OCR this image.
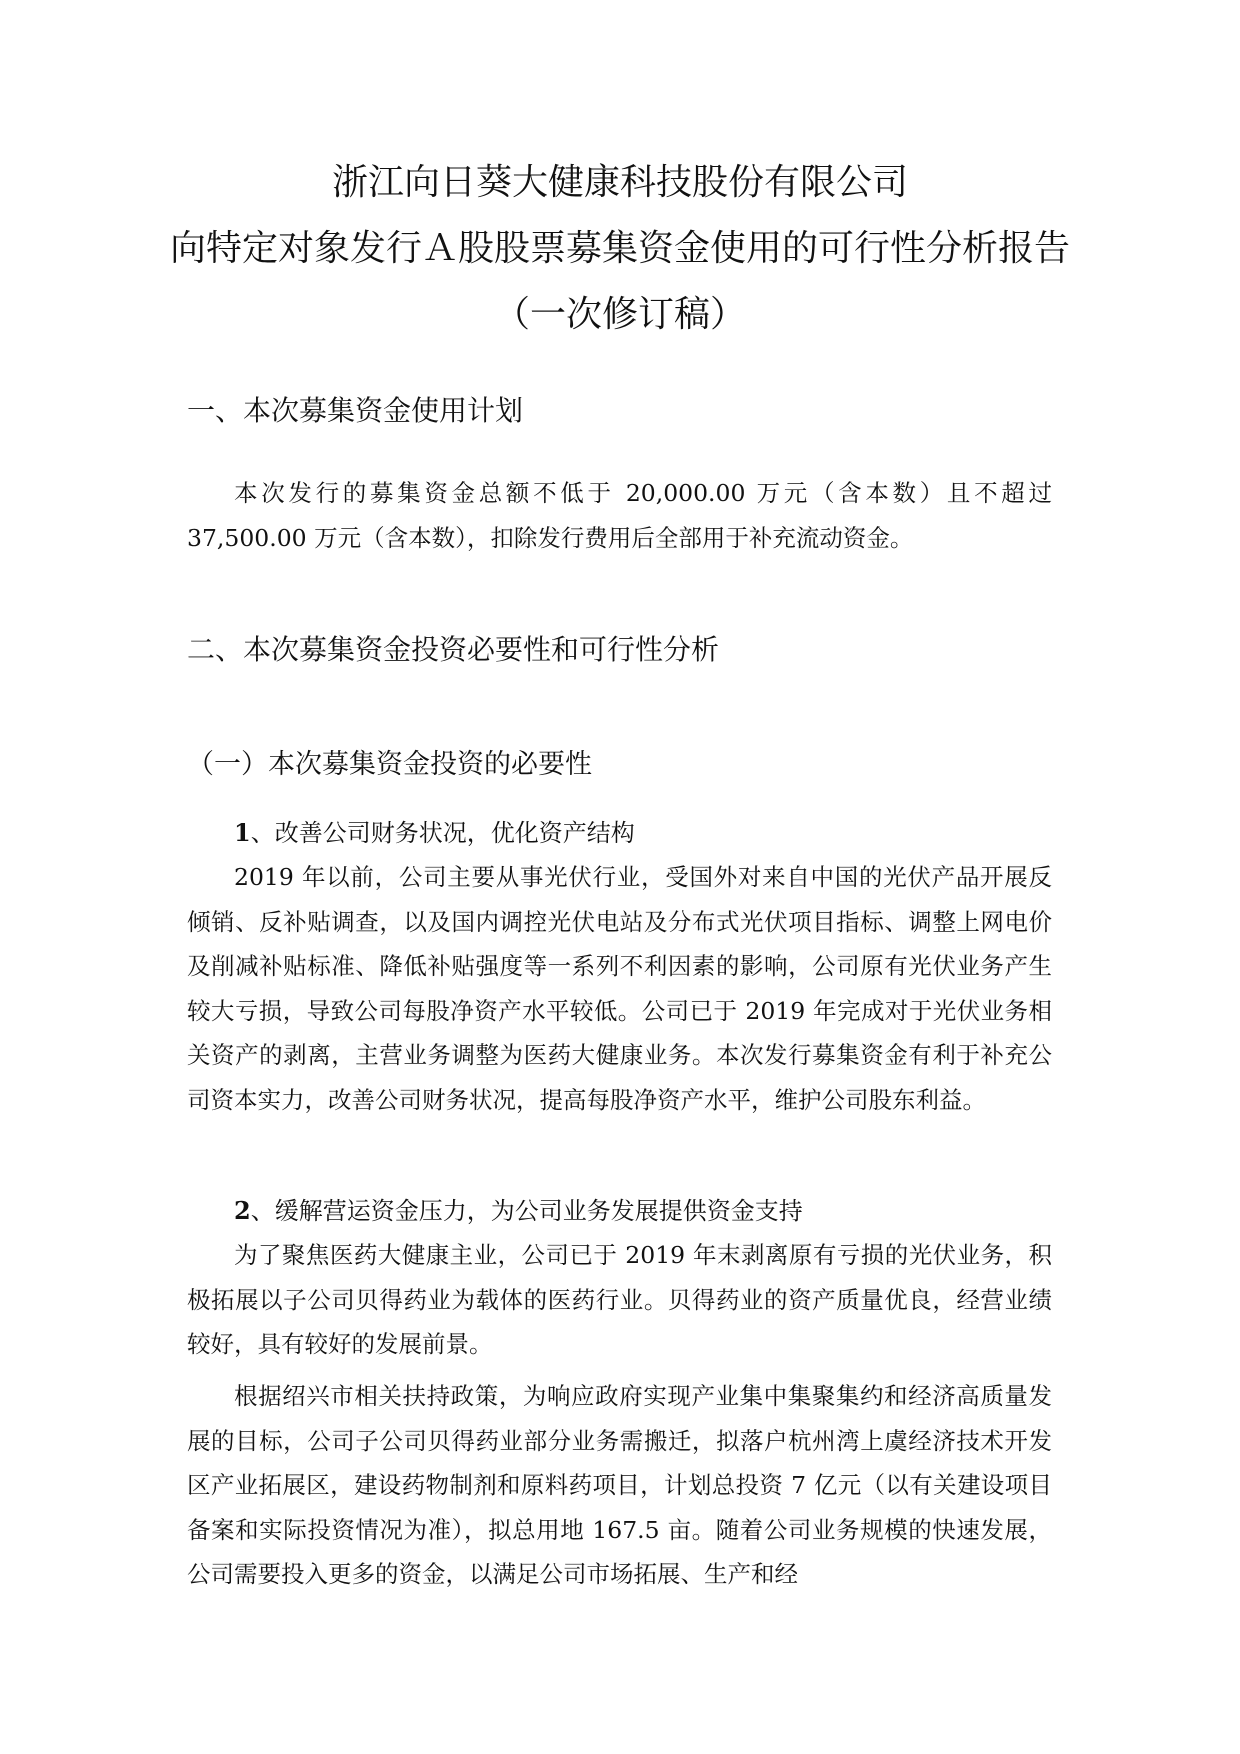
浙江向日葵大健康科技股份有限公司
向特定对象发行Ａ股股票募集资金使用的可行性分析报告
（一次修订稿）
一、本次募集资金使用计划

本次发行的募集资金总额不低于 20,000.00 万元（含本数）且不超过 37,500.00 万元（含本数），扣除发行费用后全部用于补充流动资金。

二、本次募集资金投资必要性和可行性分析
（一）本次募集资金投资的必要性
1、改善公司财务状况，优化资产结构

2019 年以前，公司主要从事光伏行业，受国外对来自中国的光伏产品开展反倾销、反补贴调查，以及国内调控光伏电站及分布式光伏项目指标、调整上网电价及削减补贴标准、降低补贴强度等一系列不利因素的影响，公司原有光伏业务产生较大亏损，导致公司每股净资产水平较低。公司已于 2019 年完成对于光伏业务相关资产的剥离，主营业务调整为医药大健康业务。本次发行募集资金有利于补充公司资本实力，改善公司财务状况，提高每股净资产水平，维护公司股东利益。

2、缓解营运资金压力，为公司业务发展提供资金支持

为了聚焦医药大健康主业，公司已于 2019 年末剥离原有亏损的光伏业务，积极拓展以子公司贝得药业为载体的医药行业。贝得药业的资产质量优良，经营业绩较好，具有较好的发展前景。

根据绍兴市相关扶持政策，为响应政府实现产业集中集聚集约和经济高质量发展的目标，公司子公司贝得药业部分业务需搬迁，拟落户杭州湾上虞经济技术开发区产业拓展区，建设药物制剂和原料药项目，计划总投资 7 亿元（以有关建设项目备案和实际投资情况为准），拟总用地 167.5 亩。随着公司业务规模的快速发展，公司需要投入更多的资金，以满足公司市场拓展、生产和经
